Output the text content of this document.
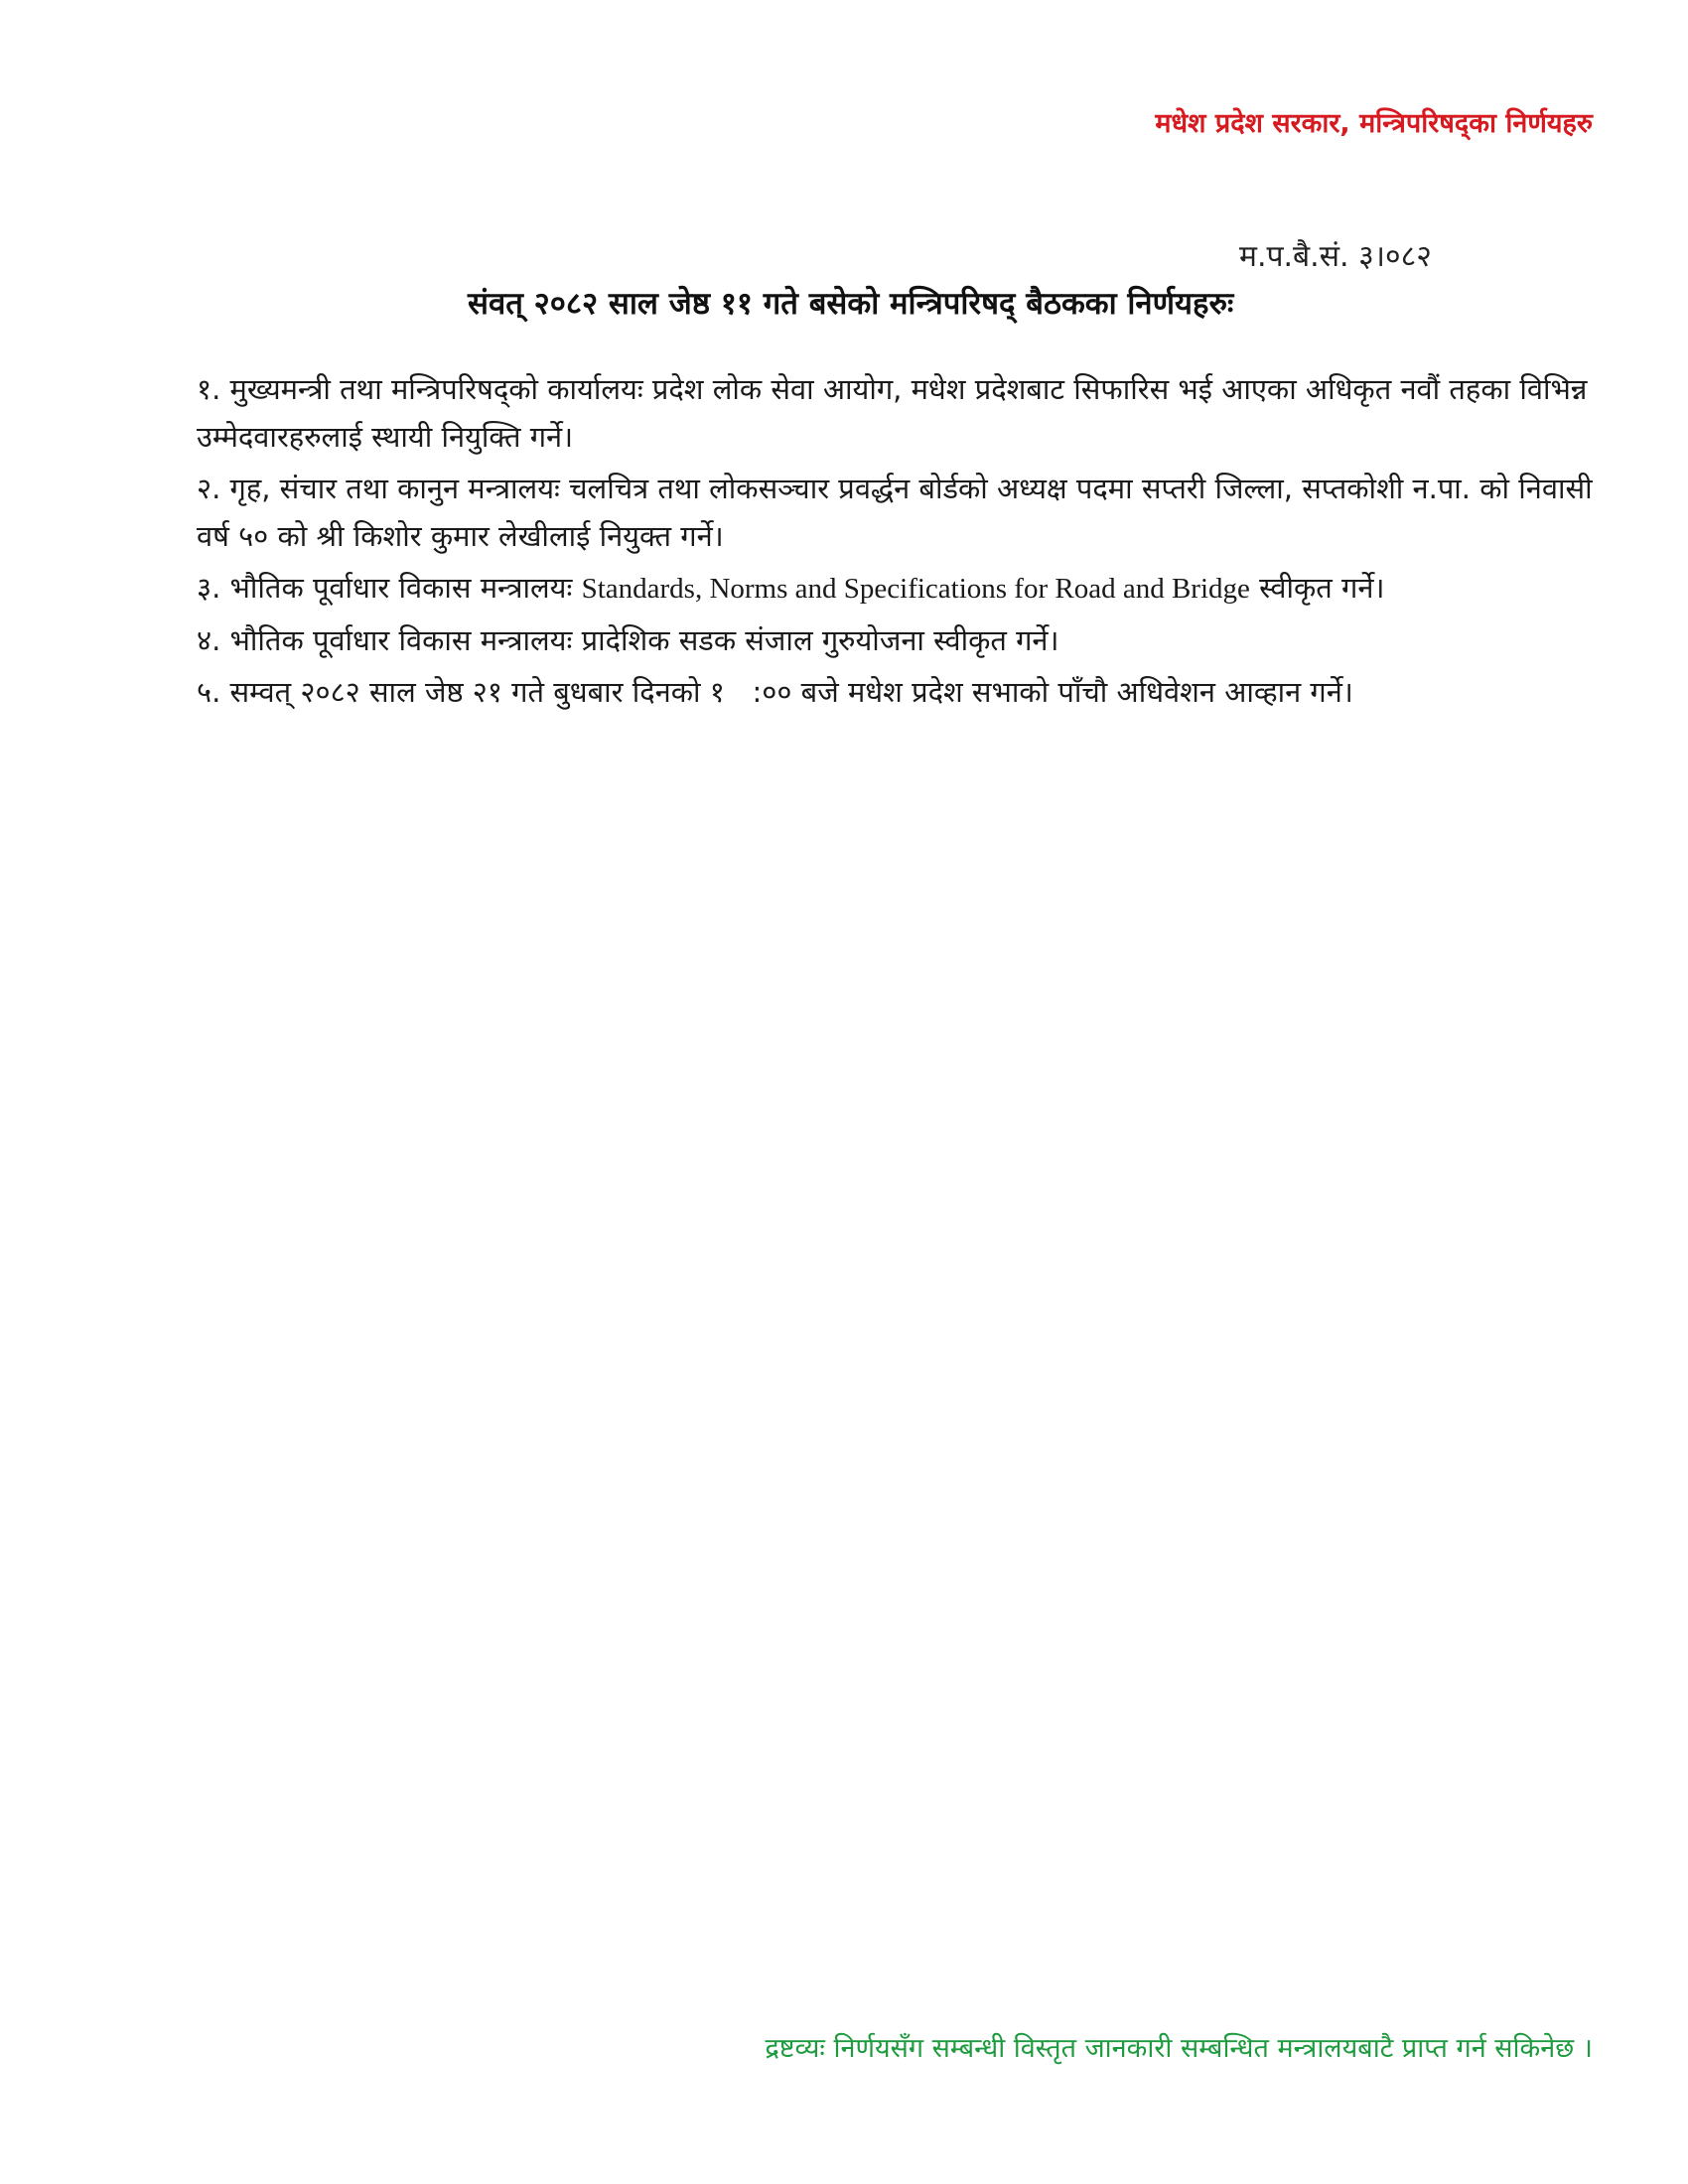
मधेश प्रदेश सरकार, मन्त्रिपरिषद्का निर्णयहरु
म.प.बै.सं. ३।०८२
संवत् २०८२ साल जेष्ठ ११ गते बसेको मन्त्रिपरिषद् बैठकका निर्णयहरुः
१. मुख्यमन्त्री तथा मन्त्रिपरिषद्को कार्यालयः प्रदेश लोक सेवा आयोग, मधेश प्रदेशबाट सिफारिस भई आएका अधिकृत नवौं तहका विभिन्न उम्मेदवारहरुलाई स्थायी नियुक्ति गर्ने।
२. गृह, संचार तथा कानुन मन्त्रालयः चलचित्र तथा लोकसञ्चार प्रवर्द्धन बोर्डको अध्यक्ष पदमा सप्तरी जिल्ला, सप्तकोशी न.पा. को निवासी वर्ष ५० को श्री किशोर कुमार लेखीलाई नियुक्त गर्ने।
३. भौतिक पूर्वाधार विकास मन्त्रालयः Standards, Norms and Specifications for Road and Bridge स्वीकृत गर्ने।
४. भौतिक पूर्वाधार विकास मन्त्रालयः प्रादेशिक सडक संजाल गुरुयोजना स्वीकृत गर्ने।
५. सम्वत् २०८२ साल जेष्ठ २१ गते बुधबार दिनको १   :०० बजे मधेश प्रदेश सभाको पाँचौ अधिवेशन आव्हान गर्ने।
द्रष्टव्यः निर्णयसँग सम्बन्धी विस्तृत जानकारी सम्बन्धित मन्त्रालयबाटै प्राप्त गर्न सकिनेछ ।
